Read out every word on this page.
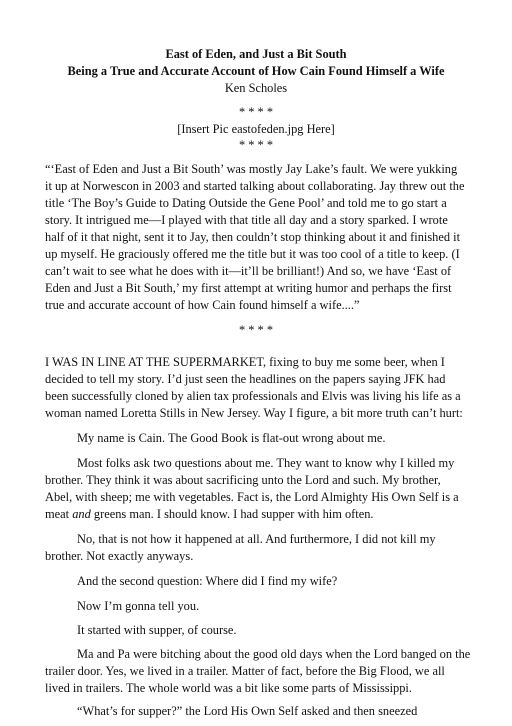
East of Eden, and Just a Bit South
Being a True and Accurate Account of How Cain Found Himself a Wife
Ken Scholes
* * * *
[Insert Pic eastofeden.jpg Here]
* * * *
“‘East of Eden and Just a Bit South’ was mostly Jay Lake’s fault. We were yukking
it up at Norwescon in 2003 and started talking about collaborating. Jay threw out the
title ‘The Boy’s Guide to Dating Outside the Gene Pool’ and told me to go start a
story. It intrigued me—I played with that title all day and a story sparked. I wrote
half of it that night, sent it to Jay, then couldn’t stop thinking about it and finished it
up myself. He graciously offered me the title but it was too cool of a title to keep. (I
can’t wait to see what he does with it—it’ll be brilliant!) And so, we have ‘East of
Eden and Just a Bit South,’ my first attempt at writing humor and perhaps the first
true and accurate account of how Cain found himself a wife....”
* * * *
I WAS IN LINE AT THE SUPERMARKET, fixing to buy me some beer, when I
decided to tell my story. I’d just seen the headlines on the papers saying JFK had
been successfully cloned by alien tax professionals and Elvis was living his life as a
woman named Loretta Stills in New Jersey. Way I figure, a bit more truth can’t hurt:
My name is Cain. The Good Book is flat-out wrong about me.
Most folks ask two questions about me. They want to know why I killed my
brother. They think it was about sacrificing unto the Lord and such. My brother,
Abel, with sheep; me with vegetables. Fact is, the Lord Almighty His Own Self is a
meat and greens man. I should know. I had supper with him often.
No, that is not how it happened at all. And furthermore, I did not kill my
brother. Not exactly anyways.
And the second question: Where did I find my wife?
Now I’m gonna tell you.
It started with supper, of course.
Ma and Pa were bitching about the good old days when the Lord banged on the
trailer door. Yes, we lived in a trailer. Matter of fact, before the Big Flood, we all
lived in trailers. The whole world was a bit like some parts of Mississippi.
“What’s for supper?” the Lord His Own Self asked and then sneezed
